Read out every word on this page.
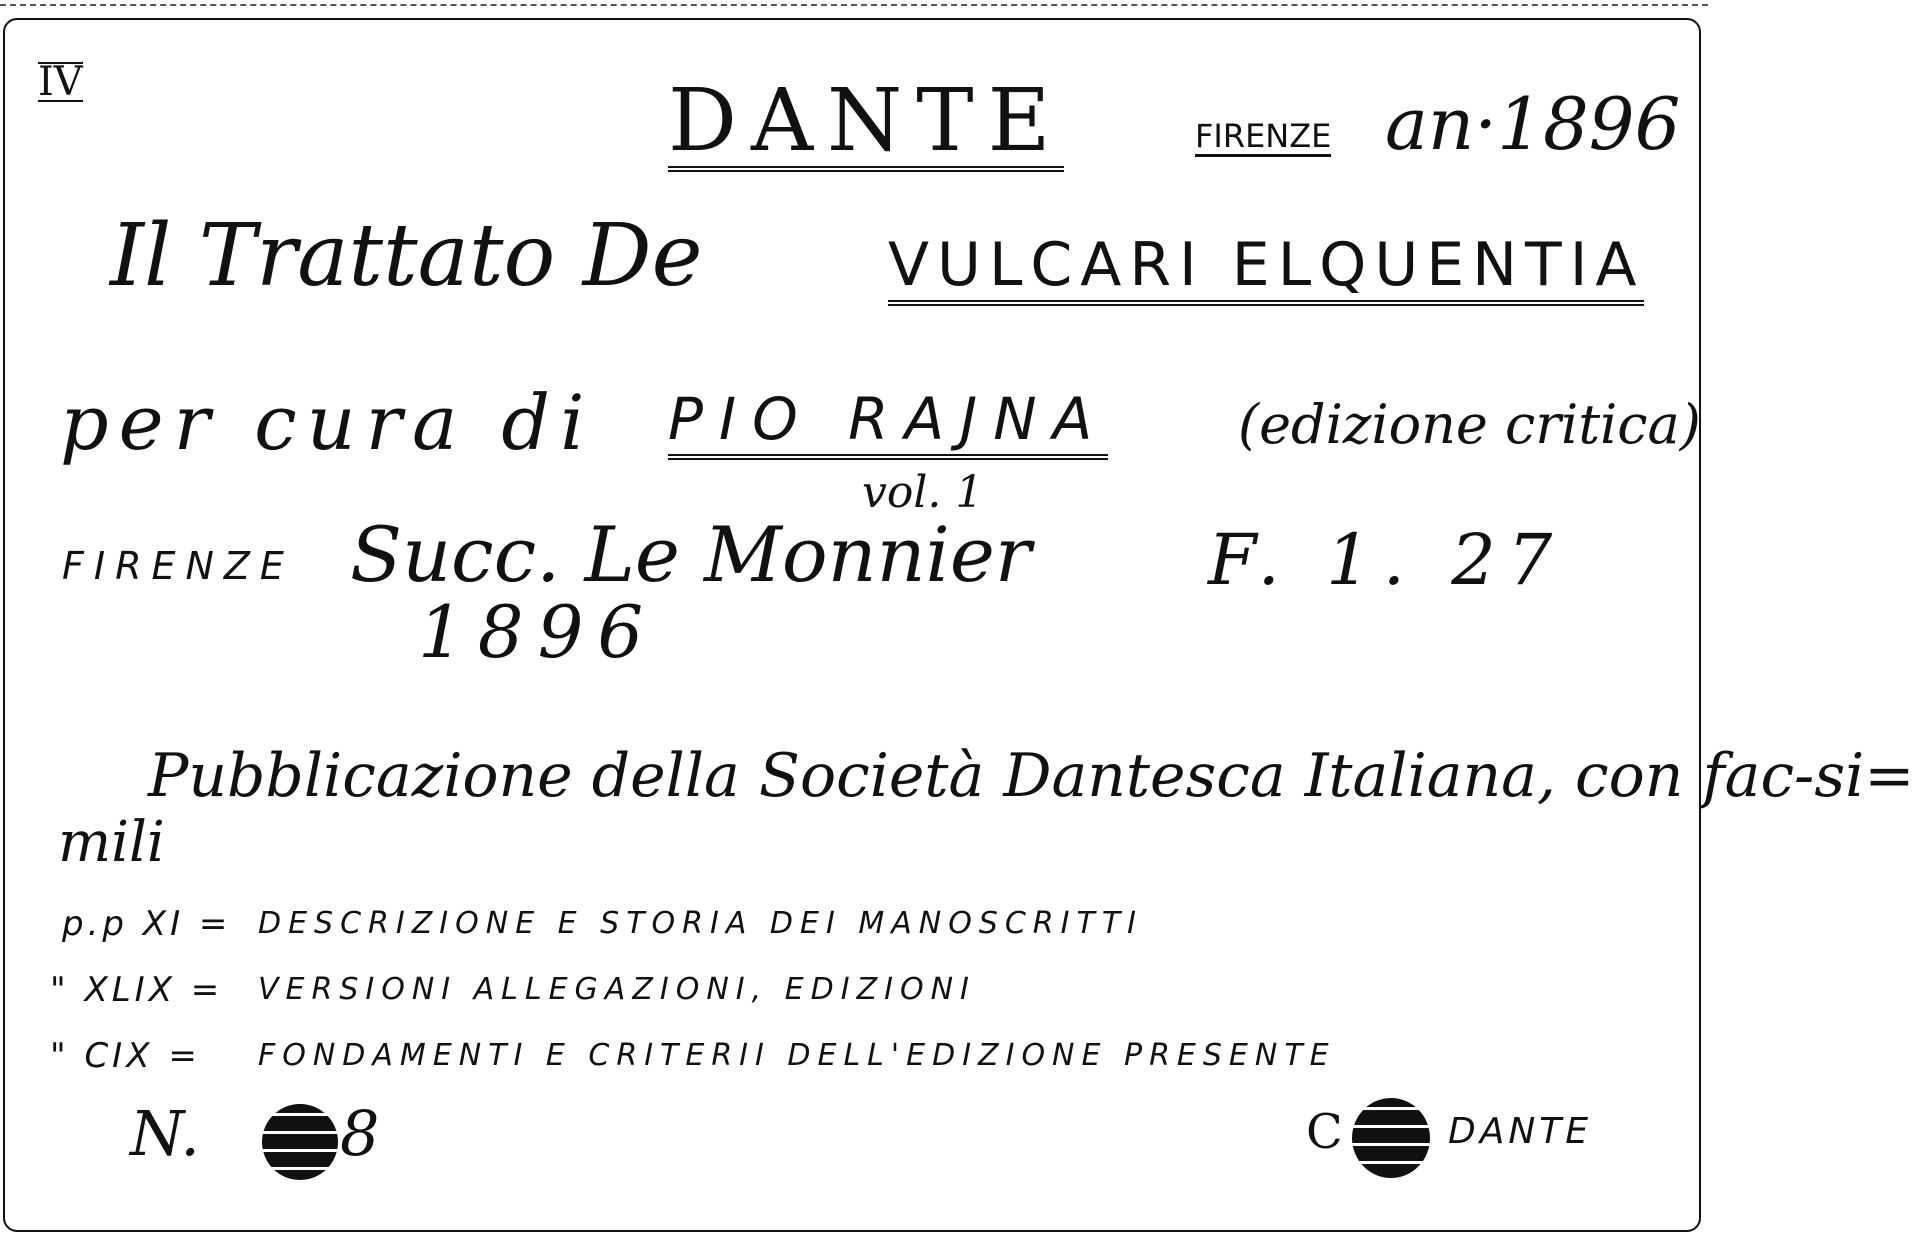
IV	DANTE	FIRENZE an·1896
Il Trattato De	VULCARI ELQUENTIA
per cura di PIO RAJNA (edizione critica)
vol. 1
FIRENZE Succ. Le Monnier
1896
F. 1. 27
Pubblicazione della Società Dantesca Italiana, con fac-si=
mili
p.p XI = DESCRIZIONE E STORIA DEI MANOSCRITTI
" XLIX = VERSIONI ALLEGAZIONI, EDIZIONI
" CIX = FONDAMENTI E CRITERII DELL'EDIZIONE PRESENTE
N. 8	C	DANTE
